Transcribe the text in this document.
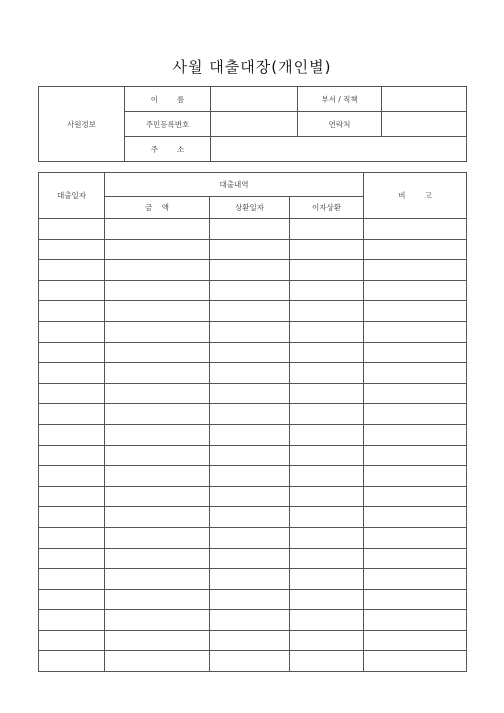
사월 대출대장(개인별)
사원정보	이        름		부서 / 직책	
	주민등록번호		연락처	
	주        소			
대출일자	대출내역			비        고
	금    액	상환일자	이자상환	
